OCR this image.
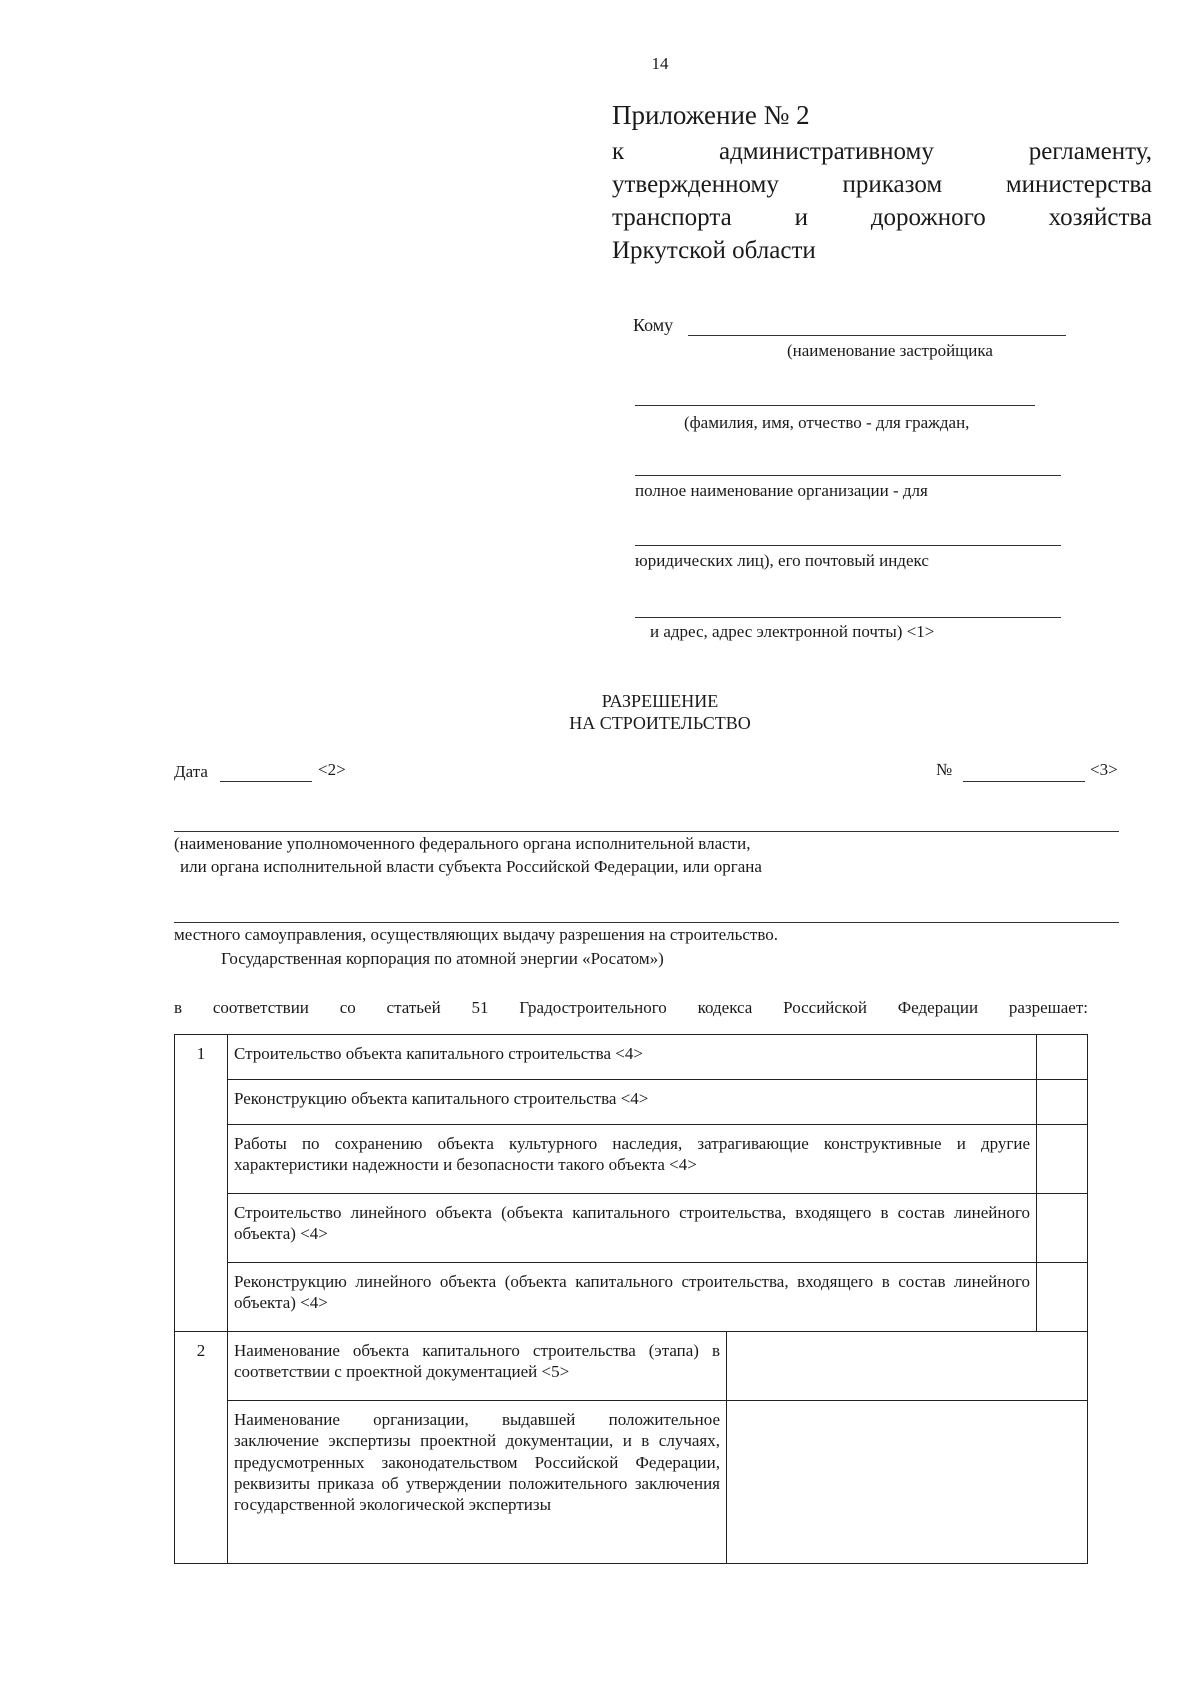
14
Приложение № 2
к административному регламенту,
утвержденному приказом министерства
транспорта и дорожного хозяйства
Иркутской области
Кому
(наименование застройщика
(фамилия, имя, отчество - для граждан,
полное наименование организации - для
юридических лиц), его почтовый индекс
и адрес, адрес электронной почты) <1>
РАЗРЕШЕНИЕ
НА СТРОИТЕЛЬСТВО
Дата	<2>	№	<3>
(наименование уполномоченного федерального органа исполнительной власти,
или органа исполнительной власти субъекта Российской Федерации, или органа
местного самоуправления, осуществляющих выдачу разрешения на строительство.
Государственная корпорация по атомной энергии «Росатом»)
в соответствии со статьей 51 Градостроительного кодекса Российской Федерации разрешает:
1	Строительство объекта капитального строительства <4>		
	Реконструкцию объекта капитального строительства <4>		
	Работы по сохранению объекта культурного наследия, затрагивающие конструктивные и другие характеристики надежности и безопасности такого объекта <4>		
	Строительство линейного объекта (объекта капитального строительства, входящего в состав линейного объекта) <4>		
	Реконструкцию линейного объекта (объекта капитального строительства, входящего в состав линейного объекта) <4>		
2	Наименование объекта капитального строительства (этапа) в соответствии с проектной документацией <5>		
	Наименование организации, выдавшей положительное заключение экспертизы проектной документации, и в случаях, предусмотренных законодательством Российской Федерации, реквизиты приказа об утверждении положительного заключения государственной экологической экспертизы		
